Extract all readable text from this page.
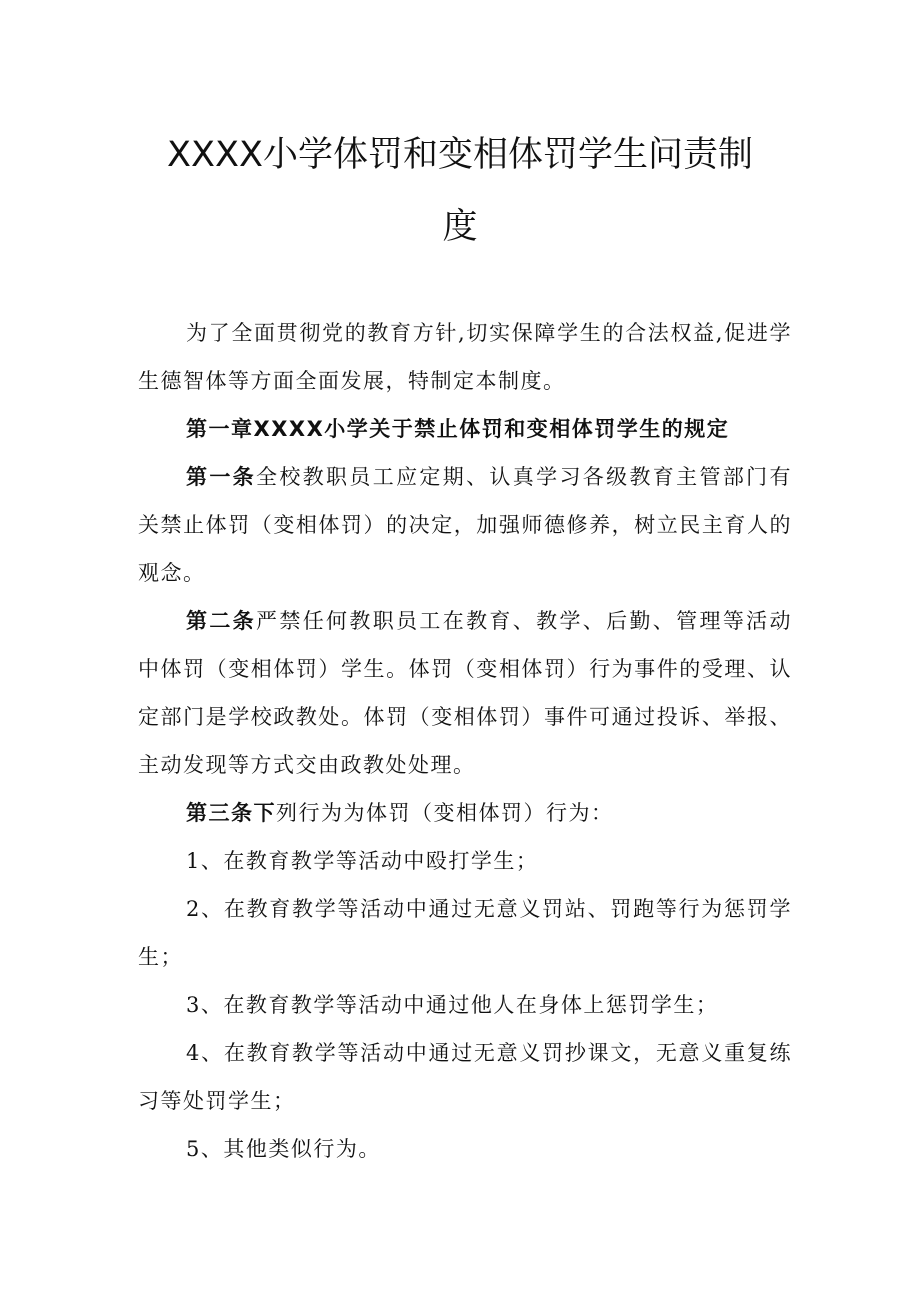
XXXX小学体罚和变相体罚学生问责制
度

为了全面贯彻党的教育方针,切实保障学生的合法权益,促进学生德智体等方面全面发展，特制定本制度。

第一章XXXX小学关于禁止体罚和变相体罚学生的规定

第一条全校教职员工应定期、认真学习各级教育主管部门有关禁止体罚（变相体罚）的决定，加强师德修养，树立民主育人的观念。

第二条严禁任何教职员工在教育、教学、后勤、管理等活动中体罚（变相体罚）学生。体罚（变相体罚）行为事件的受理、认定部门是学校政教处。体罚（变相体罚）事件可通过投诉、举报、主动发现等方式交由政教处处理。

第三条下列行为为体罚（变相体罚）行为：

1、在教育教学等活动中殴打学生；

2、在教育教学等活动中通过无意义罚站、罚跑等行为惩罚学生；

3、在教育教学等活动中通过他人在身体上惩罚学生；

4、在教育教学等活动中通过无意义罚抄课文，无意义重复练习等处罚学生；

5、其他类似行为。
